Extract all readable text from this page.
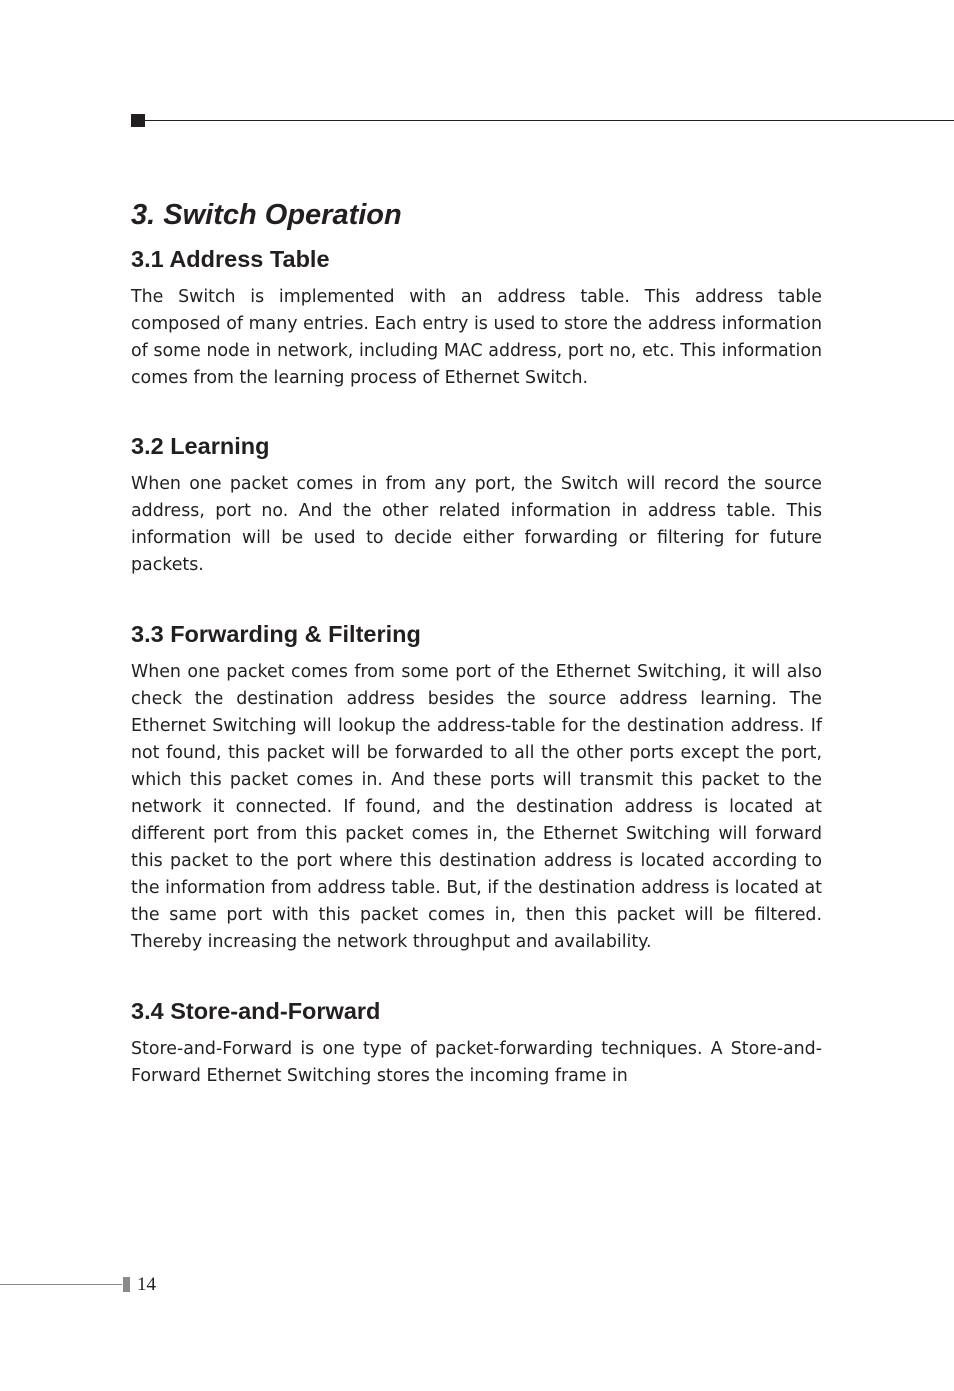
3. Switch Operation
3.1 Address Table

The Switch is implemented with an address table. This address table composed of many entries. Each entry is used to store the address information of some node in network, including MAC address, port no, etc. This information comes from the learning process of Ethernet Switch.

3.2 Learning

When one packet comes in from any port, the Switch will record the source address, port no. And the other related information in address table. This information will be used to decide either forwarding or filtering for future packets.

3.3 Forwarding & Filtering

When one packet comes from some port of the Ethernet Switching, it will also check the destination address besides the source address learning. The Ethernet Switching will lookup the address-table for the destination address. If not found, this packet will be forwarded to all the other ports except the port, which this packet comes in. And these ports will transmit this packet to the network it connected. If found, and the destination address is located at different port from this packet comes in, the Ethernet Switching will forward this packet to the port where this destination address is located according to the information from address table. But, if the destination address is located at the same port with this packet comes in, then this packet will be filtered. Thereby increasing the network throughput and availability.

3.4 Store-and-Forward

Store-and-Forward is one type of packet-forwarding techniques. A Store-and-Forward Ethernet Switching stores the incoming frame in

14
